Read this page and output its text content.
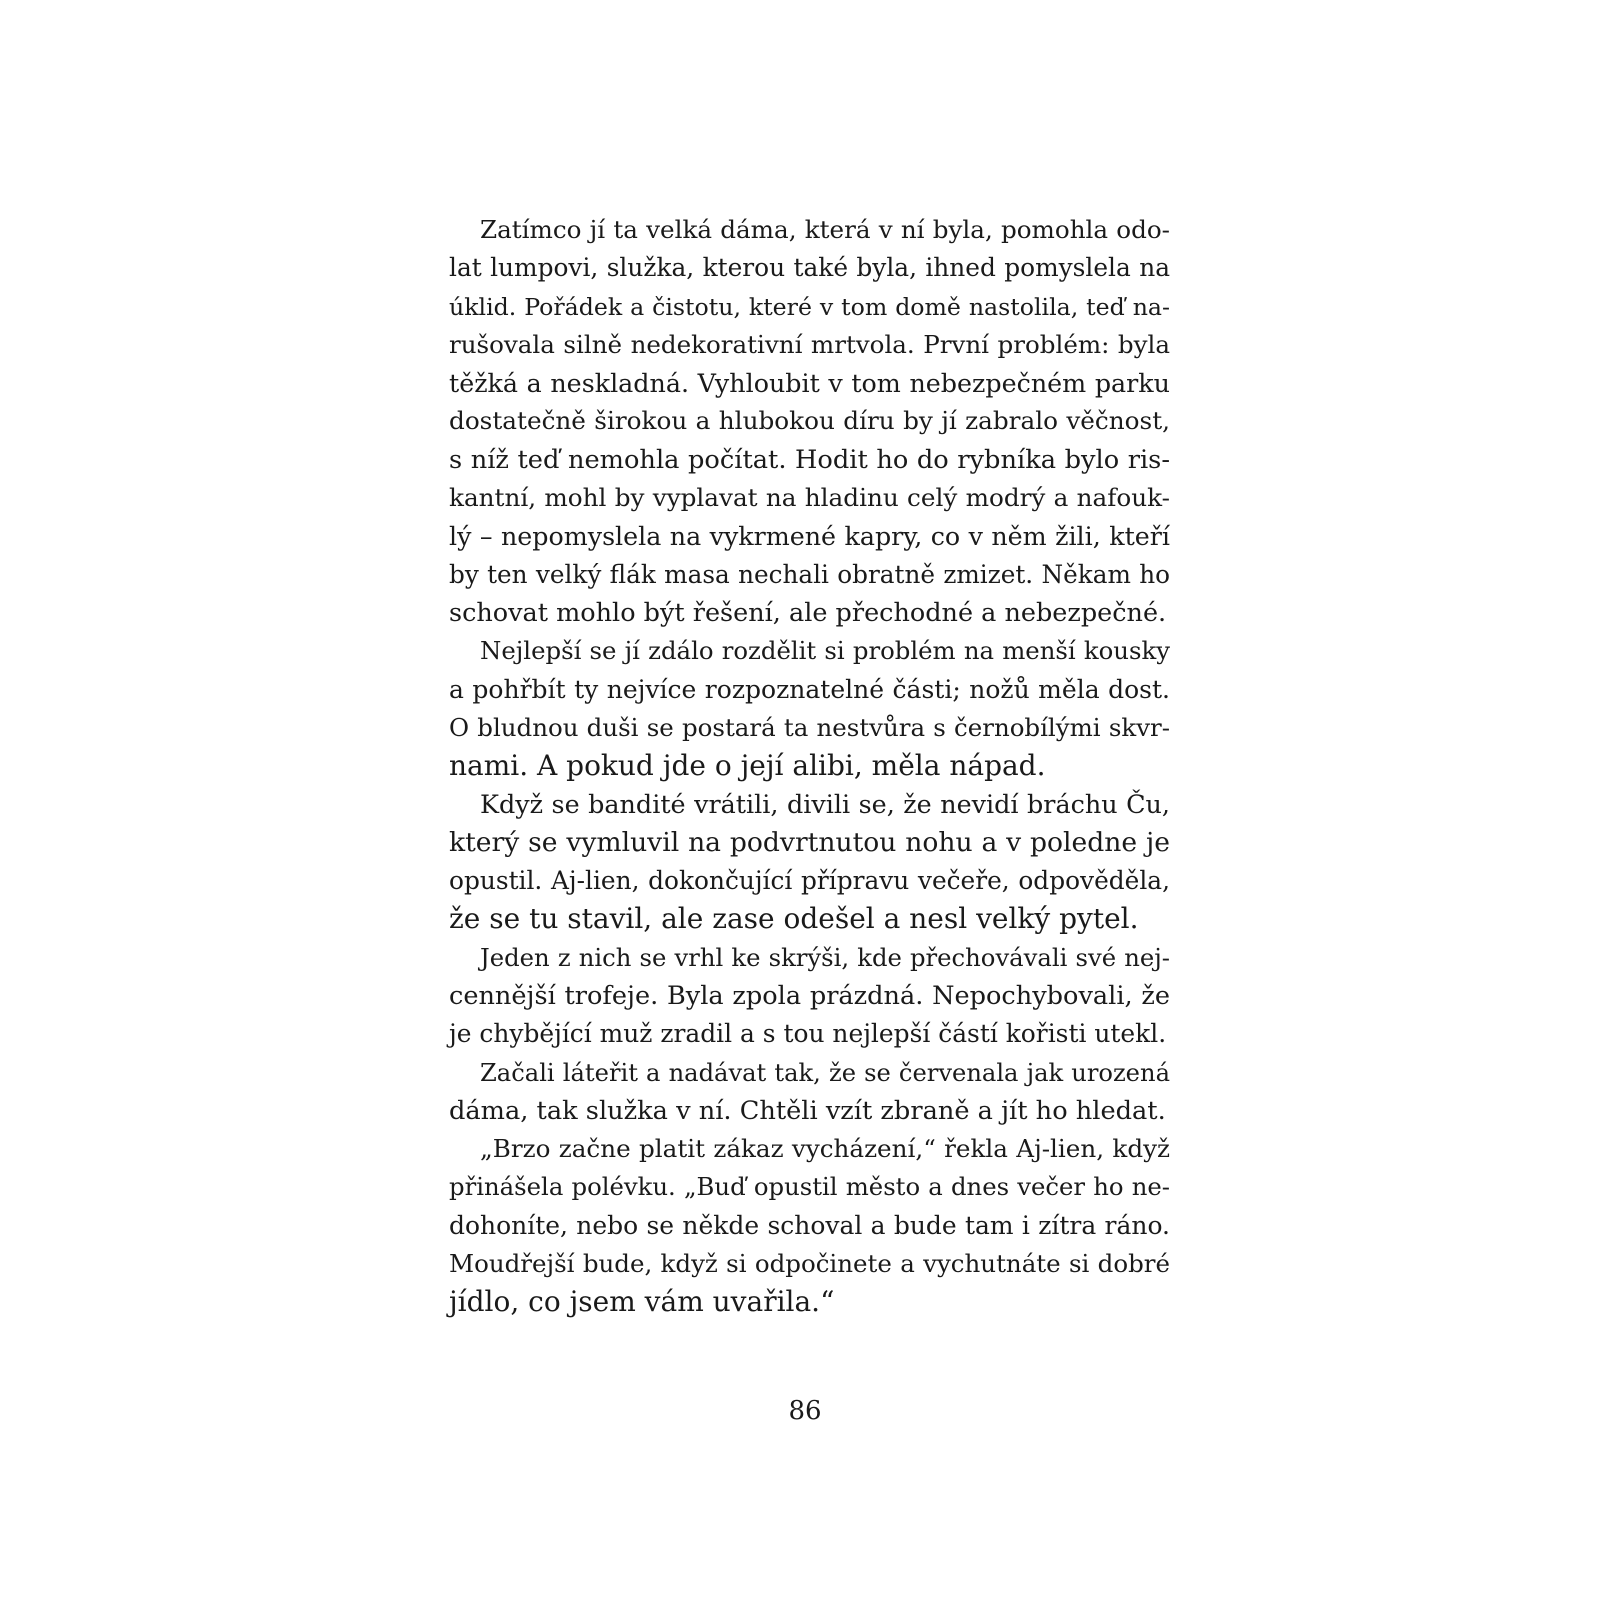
Zatímco jí ta velká dáma, která v ní byla, pomohla odo-
lat lumpovi, služka, kterou také byla, ihned pomyslela na
úklid. Pořádek a čistotu, které v tom domě nastolila, teď na-
rušovala silně nedekorativní mrtvola. První problém: byla
těžká a neskladná. Vyhloubit v tom nebezpečném parku
dostatečně širokou a hlubokou díru by jí zabralo věčnost,
s níž teď nemohla počítat. Hodit ho do rybníka bylo ris-
kantní, mohl by vyplavat na hladinu celý modrý a nafouk-
lý – nepomyslela na vykrmené kapry, co v něm žili, kteří
by ten velký flák masa nechali obratně zmizet. Někam ho
schovat mohlo být řešení, ale přechodné a nebezpečné.
Nejlepší se jí zdálo rozdělit si problém na menší kousky
a pohřbít ty nejvíce rozpoznatelné části; nožů měla dost.
O bludnou duši se postará ta nestvůra s černobílými skvr-
nami. A pokud jde o její alibi, měla nápad.
Když se bandité vrátili, divili se, že nevidí bráchu Ču,
který se vymluvil na podvrtnutou nohu a v poledne je
opustil. Aj-lien, dokončující přípravu večeře, odpověděla,
že se tu stavil, ale zase odešel a nesl velký pytel.
Jeden z nich se vrhl ke skrýši, kde přechovávali své nej-
cennější trofeje. Byla zpola prázdná. Nepochybovali, že
je chybějící muž zradil a s tou nejlepší částí kořisti utekl.
Začali láteřit a nadávat tak, že se červenala jak urozená
dáma, tak služka v ní. Chtěli vzít zbraně a jít ho hledat.
„Brzo začne platit zákaz vycházení,“ řekla Aj-lien, když
přinášela polévku. „Buď opustil město a dnes večer ho ne-
dohoníte, nebo se někde schoval a bude tam i zítra ráno.
Moudřejší bude, když si odpočinete a vychutnáte si dobré
jídlo, co jsem vám uvařila.“
86
